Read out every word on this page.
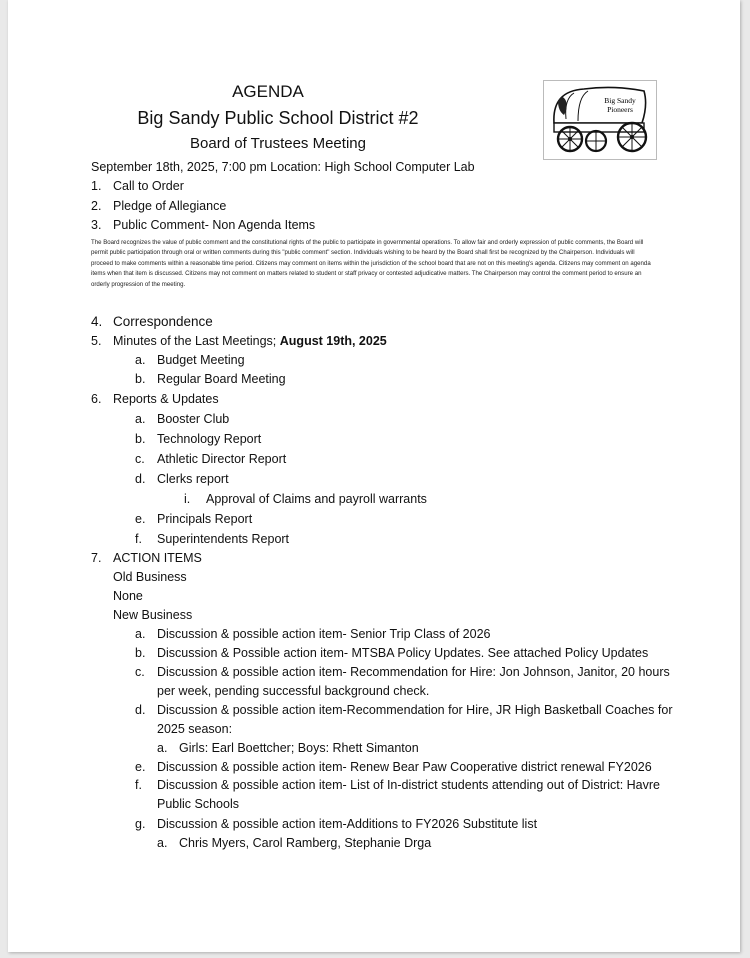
AGENDA
Big Sandy Public School District #2
Board of Trustees Meeting
September 18th, 2025, 7:00 pm Location: High School Computer Lab
Big Sandy
Pioneers
1. Call to Order
2. Pledge of Allegiance
3. Public Comment- Non Agenda Items
The Board recognizes the value of public comment and the constitutional rights of the public to participate in governmental operations. To allow fair and orderly expression of public comments, the Board will permit public participation through oral or written comments during this "public comment" section. Individuals wishing to be heard by the Board shall first be recognized by the Chairperson. Individuals will proceed to make comments within a reasonable time period. Citizens may comment on items within the jurisdiction of the school board that are not on this meeting's agenda. Citizens may comment on agenda items when that item is discussed. Citizens may not comment on matters related to student or staff privacy or contested adjudicative matters. The Chairperson may control the comment period to ensure an orderly progression of the meeting.
4. Correspondence
5. Minutes of the Last Meetings; August 19th, 2025
a. Budget Meeting
b. Regular Board Meeting
6. Reports & Updates
a. Booster Club
b. Technology Report
c. Athletic Director Report
d. Clerks report
i. Approval of Claims and payroll warrants
e. Principals Report
f. Superintendents Report
7. ACTION ITEMS
Old Business
None
New Business
a. Discussion & possible action item- Senior Trip Class of 2026
b. Discussion & Possible action item- MTSBA Policy Updates. See attached Policy Updates
c. Discussion & possible action item- Recommendation for Hire: Jon Johnson, Janitor, 20 hours
per week, pending successful background check.
d. Discussion & possible action item-Recommendation for Hire, JR High Basketball Coaches for
2025 season:
a. Girls: Earl Boettcher; Boys: Rhett Simanton
e. Discussion & possible action item- Renew Bear Paw Cooperative district renewal FY2026
f. Discussion & possible action item- List of In-district students attending out of District: Havre
Public Schools
g. Discussion & possible action item-Additions to FY2026 Substitute list
a. Chris Myers, Carol Ramberg, Stephanie Drga
